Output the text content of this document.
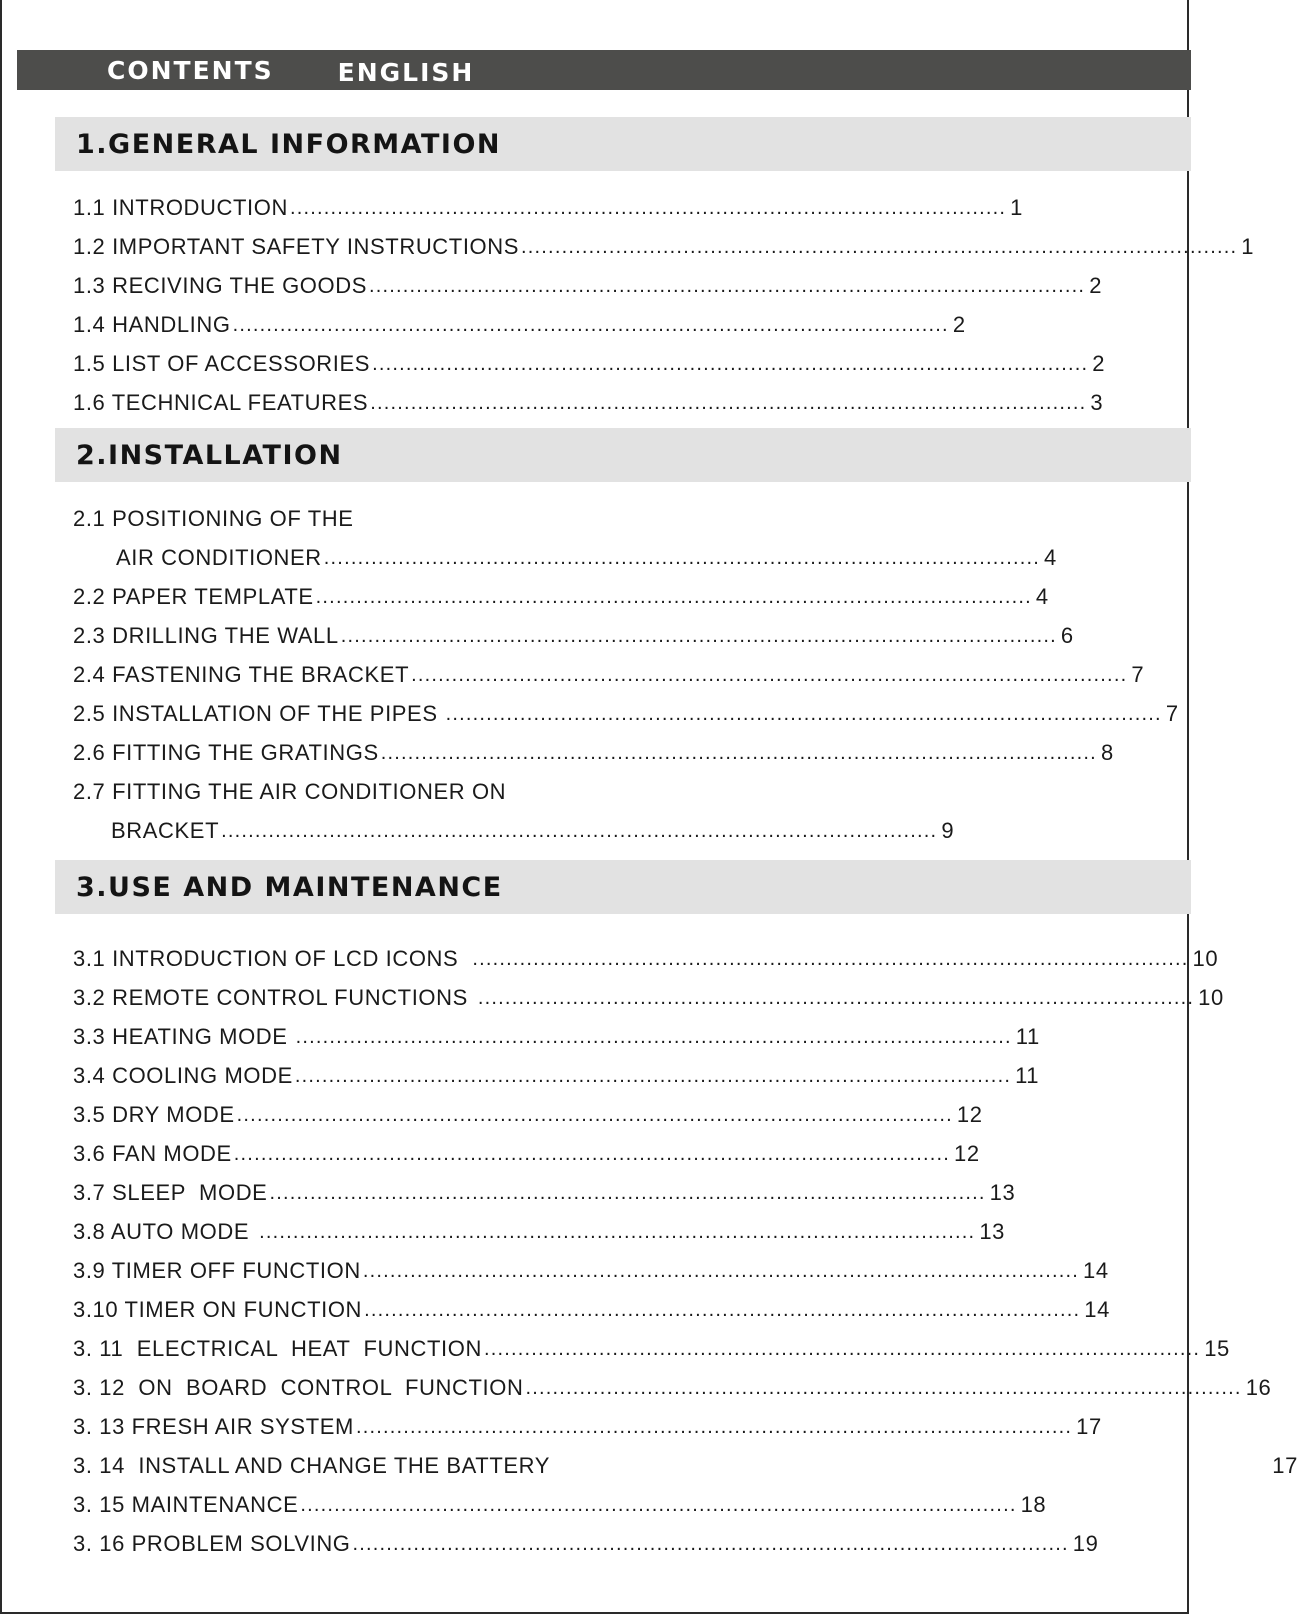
CONTENTS	ENGLISH
1.GENERAL INFORMATION
1.1 INTRODUCTION .......................................................................................................... 1
1.2 IMPORTANT SAFETY INSTRUCTIONS .......................................................................................................... 1
1.3 RECIVING THE GOODS .......................................................................................................... 2
1.4 HANDLING .......................................................................................................... 2
1.5 LIST OF ACCESSORIES .......................................................................................................... 2
1.6 TECHNICAL FEATURES .......................................................................................................... 3
2.INSTALLATION
2.1 POSITIONING OF THE
AIR CONDITIONER .......................................................................................................... 4
2.2 PAPER TEMPLATE .......................................................................................................... 4
2.3 DRILLING THE WALL .......................................................................................................... 6
2.4 FASTENING THE BRACKET .......................................................................................................... 7
2.5 INSTALLATION OF THE PIPES .......................................................................................................... 7
2.6 FITTING THE GRATINGS .......................................................................................................... 8
2.7 FITTING THE AIR CONDITIONER ON
BRACKET .......................................................................................................... 9
3.USE AND MAINTENANCE
3.1 INTRODUCTION OF LCD ICONS .......................................................................................................... 10
3.2 REMOTE CONTROL FUNCTIONS .......................................................................................................... 10
3.3 HEATING MODE .......................................................................................................... 11
3.4 COOLING MODE .......................................................................................................... 11
3.5 DRY MODE .......................................................................................................... 12
3.6 FAN MODE .......................................................................................................... 12
3.7 SLEEP  MODE .......................................................................................................... 13
3.8 AUTO MODE .......................................................................................................... 13
3.9 TIMER OFF FUNCTION .......................................................................................................... 14
3.10 TIMER ON FUNCTION .......................................................................................................... 14
3. 11  ELECTRICAL  HEAT  FUNCTION .......................................................................................................... 15
3. 12  ON  BOARD  CONTROL  FUNCTION .......................................................................................................... 16
3. 13 FRESH AIR SYSTEM .......................................................................................................... 17
3. 14  INSTALL AND CHANGE THE BATTERY	17
3. 15 MAINTENANCE .......................................................................................................... 18
3. 16 PROBLEM SOLVING .......................................................................................................... 19
